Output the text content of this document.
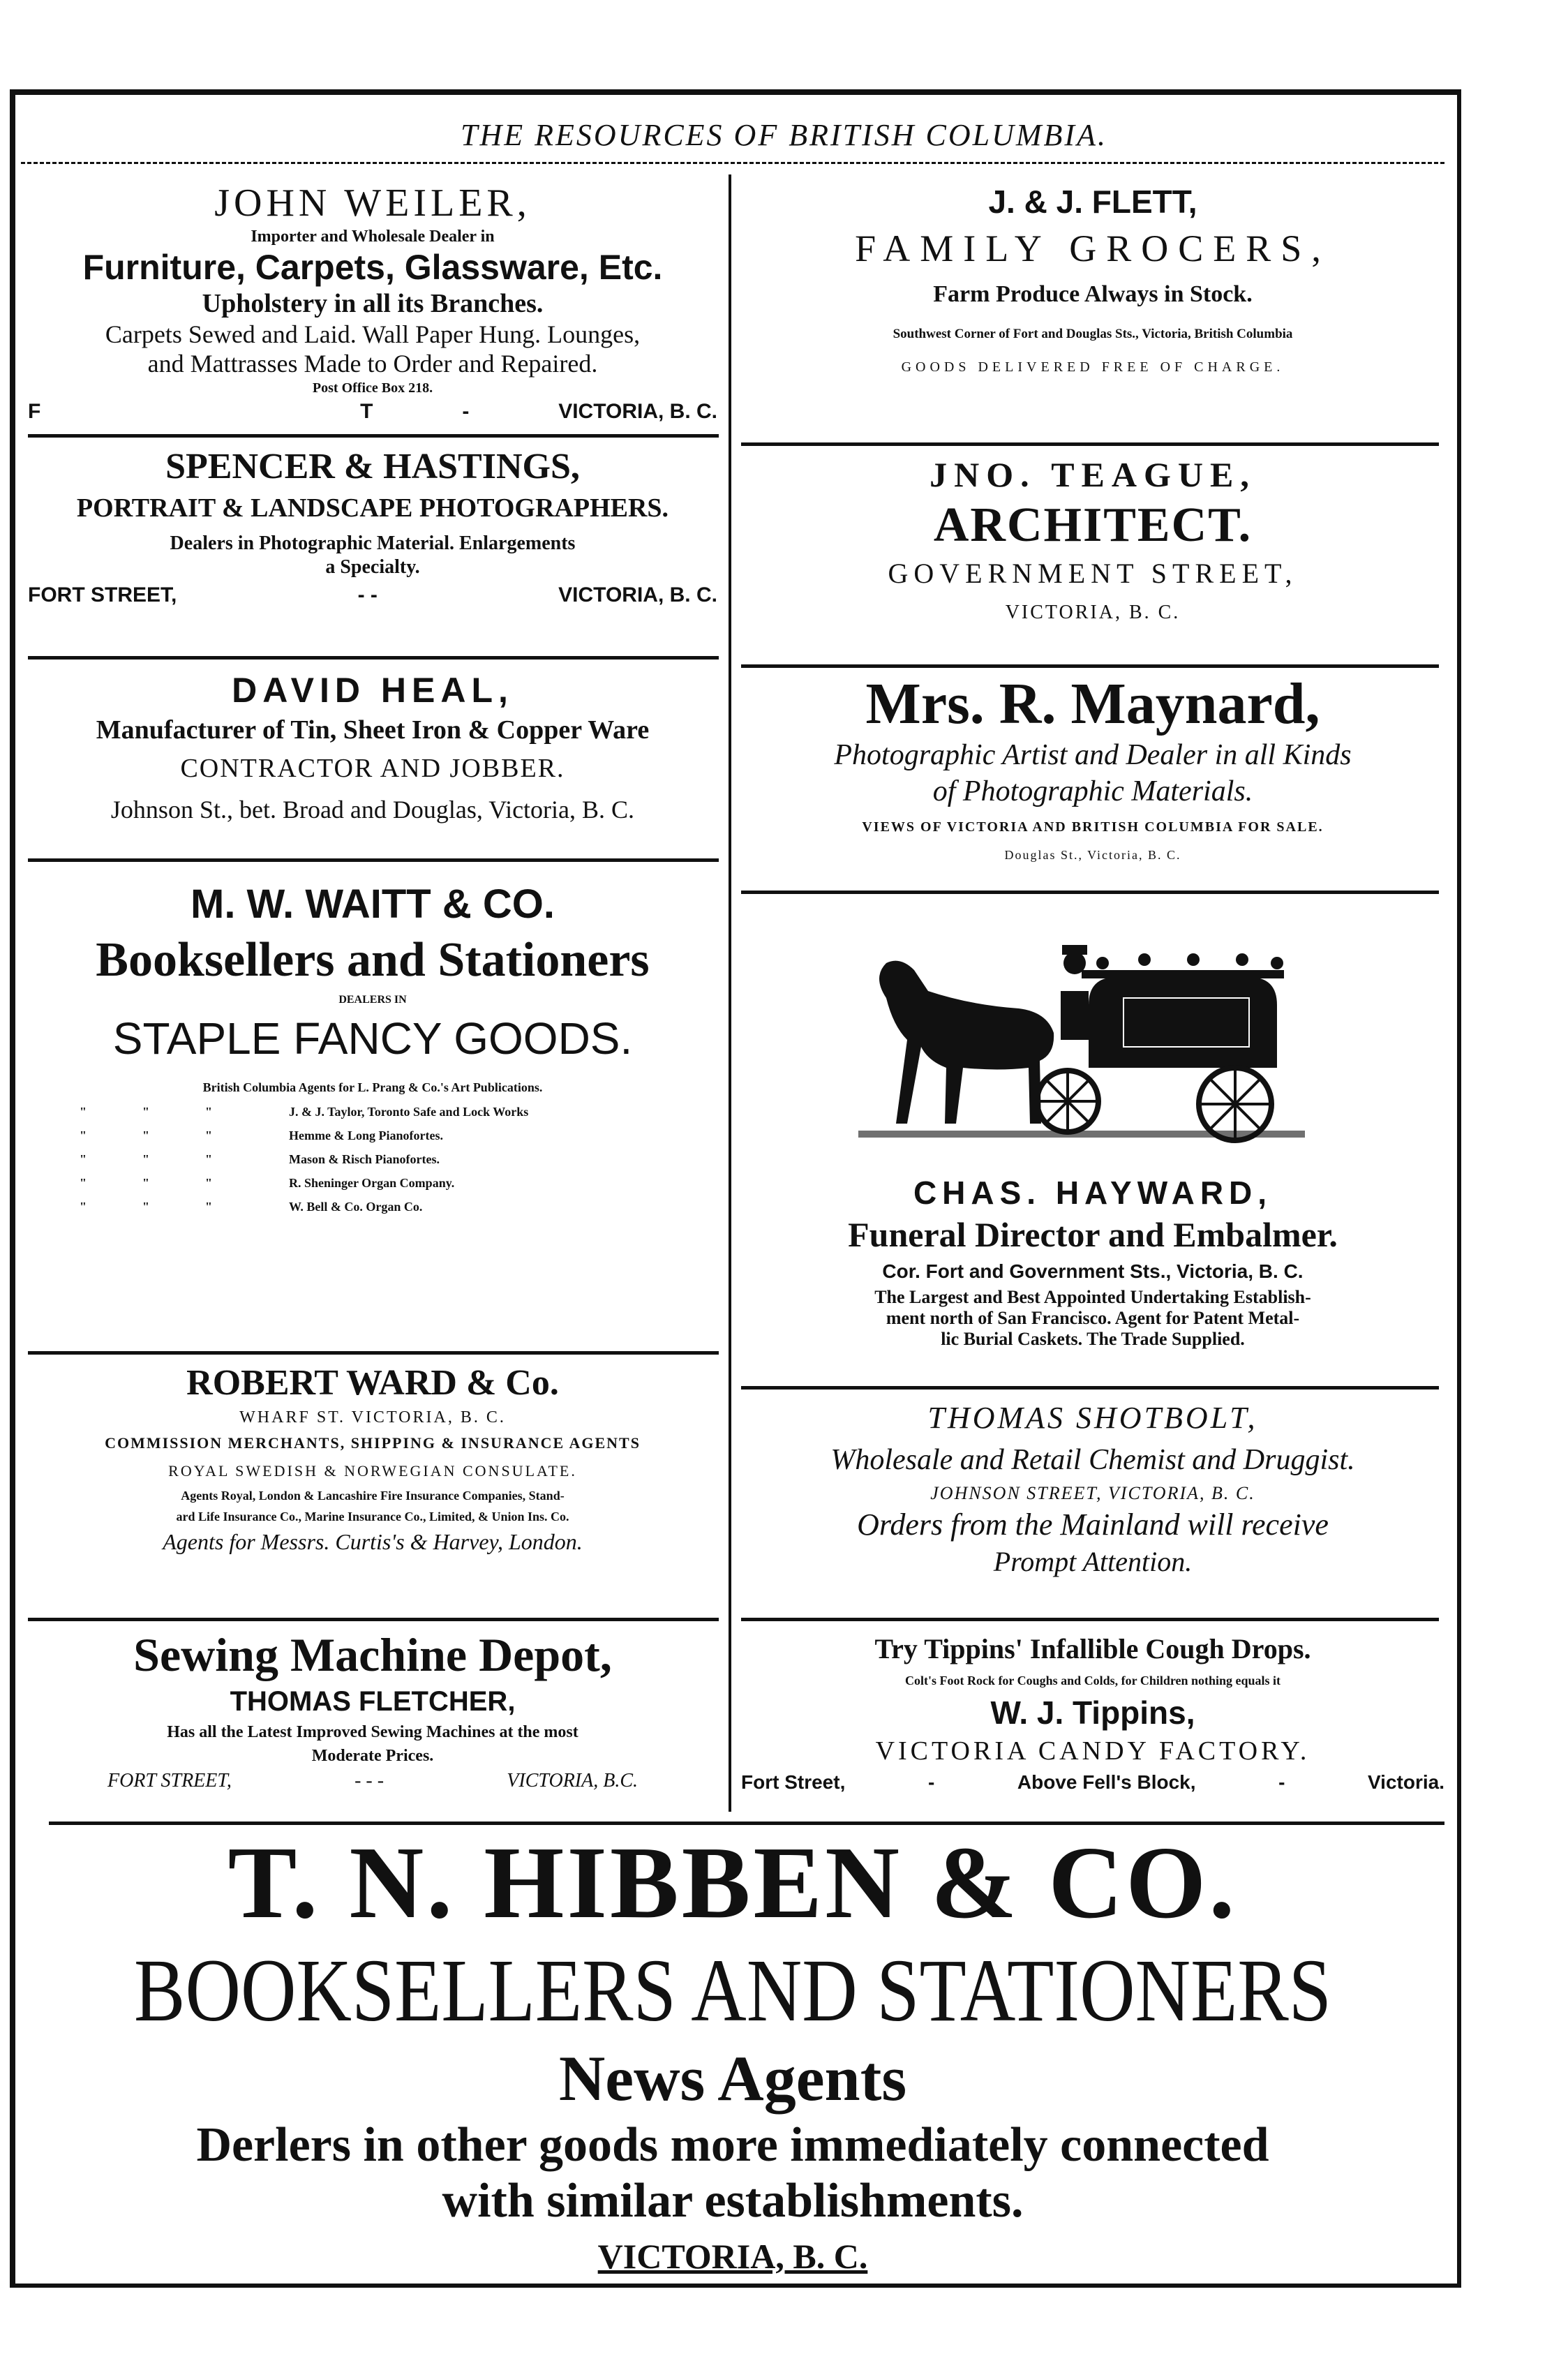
THE RESOURCES OF BRITISH COLUMBIA.
JOHN WEILER,
Importer and Wholesale Dealer in
Furniture, Carpets, Glassware, Etc.
Upholstery in all its Branches.
Carpets Sewed and Laid. Wall Paper Hung. Lounges,
and Mattrasses Made to Order and Repaired.
Post Office Box 218.
F	T	-	VICTORIA, B. C.
SPENCER & HASTINGS,
PORTRAIT & LANDSCAPE PHOTOGRAPHERS.
Dealers in Photographic Material. Enlargements
a Specialty.
FORT STREET,	- -	VICTORIA, B. C.
DAVID HEAL,
Manufacturer of Tin, Sheet Iron & Copper Ware
CONTRACTOR AND JOBBER.
Johnson St., bet. Broad and Douglas, Victoria, B. C.
M. W. WAITT & CO.
Booksellers and Stationers
DEALERS IN
STAPLE FANCY GOODS.
British Columbia Agents for L. Prang & Co.'s Art Publications.
"	"	"	J. & J. Taylor, Toronto Safe and Lock Works
"	"	"	Hemme & Long Pianofortes.
"	"	"	Mason & Risch Pianofortes.
"	"	"	R. Sheninger Organ Company.
"	"	"	W. Bell & Co. Organ Co.
ROBERT WARD & Co.
WHARF ST. VICTORIA, B. C.
COMMISSION MERCHANTS, SHIPPING & INSURANCE AGENTS
ROYAL SWEDISH & NORWEGIAN CONSULATE.
Agents Royal, London & Lancashire Fire Insurance Companies, Stand-
ard Life Insurance Co., Marine Insurance Co., Limited, & Union Ins. Co.
Agents for Messrs. Curtis's & Harvey, London.
Sewing Machine Depot,
THOMAS FLETCHER,
Has all the Latest Improved Sewing Machines at the most
Moderate Prices.
FORT STREET,	- - -	VICTORIA, B.C.
J. & J. FLETT,
FAMILY GROCERS,
Farm Produce Always in Stock.
Southwest Corner of Fort and Douglas Sts., Victoria, British Columbia
GOODS DELIVERED FREE OF CHARGE.
JNO. TEAGUE,
ARCHITECT.
GOVERNMENT STREET,
VICTORIA, B. C.
Mrs. R. Maynard,
Photographic Artist and Dealer in all Kinds
of Photographic Materials.
VIEWS OF VICTORIA AND BRITISH COLUMBIA FOR SALE.
Douglas St., Victoria, B. C.
CHAS. HAYWARD,
Funeral Director and Embalmer.
Cor. Fort and Government Sts., Victoria, B. C.
The Largest and Best Appointed Undertaking Establish-
ment north of San Francisco. Agent for Patent Metal-
lic Burial Caskets. The Trade Supplied.
THOMAS SHOTBOLT,
Wholesale and Retail Chemist and Druggist.
JOHNSON STREET, VICTORIA, B. C.
Orders from the Mainland will receive
Prompt Attention.
Try Tippins' Infallible Cough Drops.
Colt's Foot Rock for Coughs and Colds, for Children nothing equals it
W. J. Tippins,
VICTORIA CANDY FACTORY.
Fort Street,	-	Above Fell's Block,	-	Victoria.
T. N. HIBBEN & CO.
BOOKSELLERS AND STATIONERS
News Agents
Derlers in other goods more immediately connected
with similar establishments.
VICTORIA, B. C.
